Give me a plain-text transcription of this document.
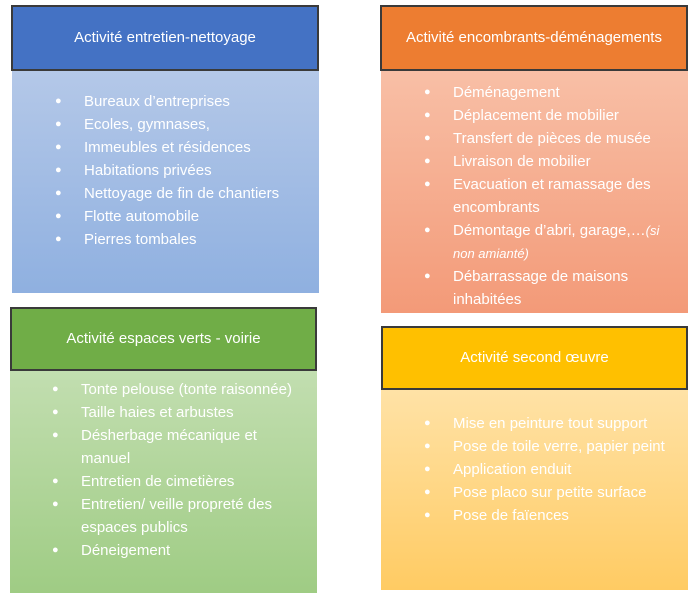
Activité entretien-nettoyage
● Bureaux d’entreprises
● Ecoles, gymnases,
● Immeubles et résidences
● Habitations privées
● Nettoyage de fin de chantiers
● Flotte automobile
● Pierres tombales
Activité encombrants-déménagements
● Déménagement
● Déplacement de mobilier
● Transfert de pièces de musée
● Livraison de mobilier
● Evacuation et ramassage des encombrants
● Démontage d’abri, garage,…(si non amianté)
● Débarrassage de maisons inhabitées
Activité espaces verts - voirie
● Tonte pelouse (tonte raisonnée)
● Taille haies et arbustes
● Désherbage mécanique et manuel
● Entretien de cimetières
● Entretien/ veille propreté des espaces publics
● Déneigement
Activité second œuvre
● Mise en peinture tout support
● Pose de toile verre, papier peint
● Application enduit
● Pose placo sur petite surface
● Pose de faïences
